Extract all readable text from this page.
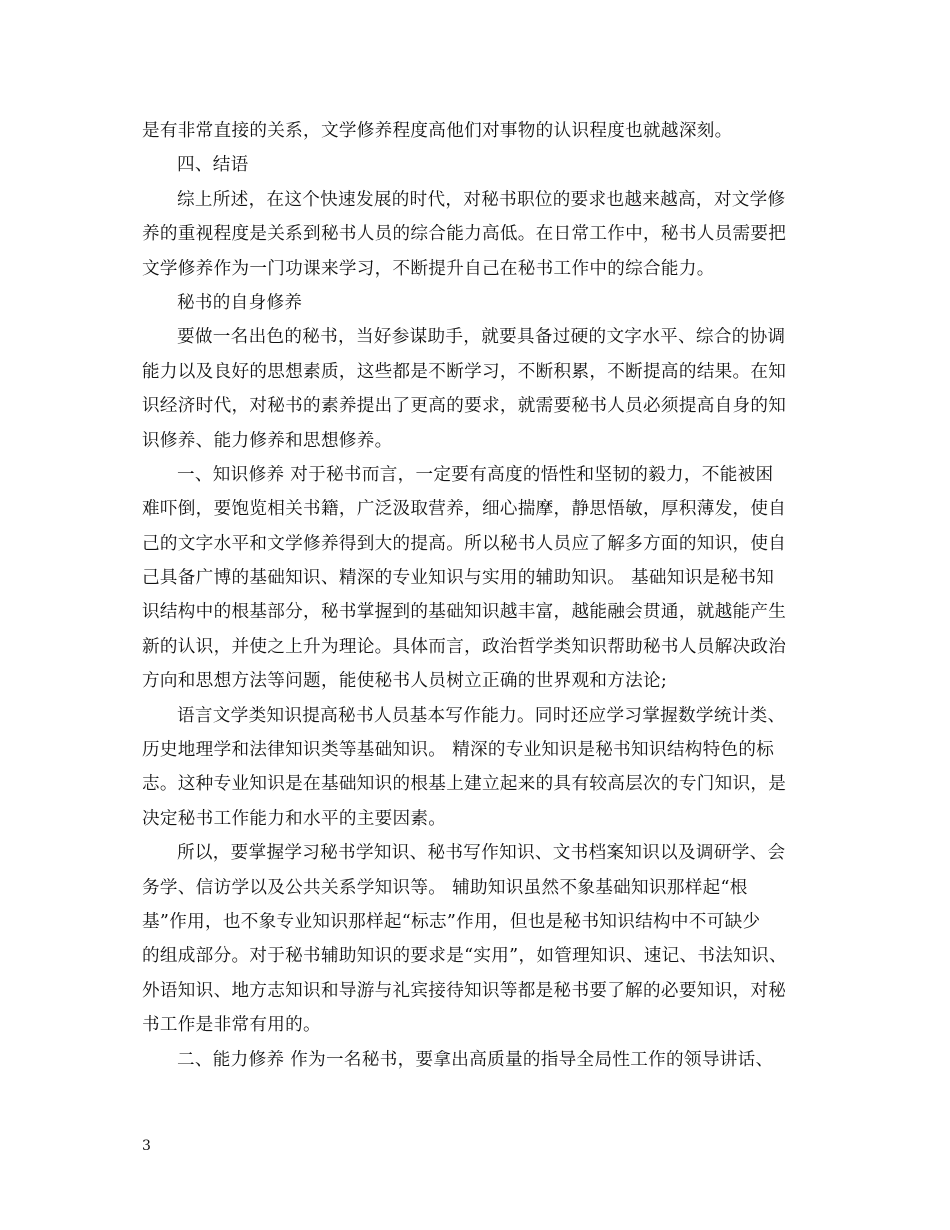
是有非常直接的关系，文学修养程度高他们对事物的认识程度也就越深刻。
四、结语
综上所述，在这个快速发展的时代，对秘书职位的要求也越来越高，对文学修
养的重视程度是关系到秘书人员的综合能力高低。在日常工作中，秘书人员需要把
文学修养作为一门功课来学习，不断提升自己在秘书工作中的综合能力。
秘书的自身修养
要做一名出色的秘书，当好参谋助手，就要具备过硬的文字水平、综合的协调
能力以及良好的思想素质，这些都是不断学习，不断积累，不断提高的结果。在知
识经济时代，对秘书的素养提出了更高的要求，就需要秘书人员必须提高自身的知
识修养、能力修养和思想修养。
一、知识修养 对于秘书而言，一定要有高度的悟性和坚韧的毅力，不能被困
难吓倒，要饱览相关书籍，广泛汲取营养，细心揣摩，静思悟敏，厚积薄发，使自
己的文字水平和文学修养得到大的提高。所以秘书人员应了解多方面的知识，使自
己具备广博的基础知识、精深的专业知识与实用的辅助知识。 基础知识是秘书知
识结构中的根基部分，秘书掌握到的基础知识越丰富，越能融会贯通，就越能产生
新的认识，并使之上升为理论。具体而言，政治哲学类知识帮助秘书人员解决政治
方向和思想方法等问题，能使秘书人员树立正确的世界观和方法论;
语言文学类知识提高秘书人员基本写作能力。同时还应学习掌握数学统计类、
历史地理学和法律知识类等基础知识。 精深的专业知识是秘书知识结构特色的标
志。这种专业知识是在基础知识的根基上建立起来的具有较高层次的专门知识，是
决定秘书工作能力和水平的主要因素。
所以，要掌握学习秘书学知识、秘书写作知识、文书档案知识以及调研学、会
务学、信访学以及公共关系学知识等。 辅助知识虽然不象基础知识那样起“根
基”作用，也不象专业知识那样起“标志”作用，但也是秘书知识结构中不可缺少
的组成部分。对于秘书辅助知识的要求是“实用”，如管理知识、速记、书法知识、
外语知识、地方志知识和导游与礼宾接待知识等都是秘书要了解的必要知识，对秘
书工作是非常有用的。
二、能力修养 作为一名秘书，要拿出高质量的指导全局性工作的领导讲话、
3
